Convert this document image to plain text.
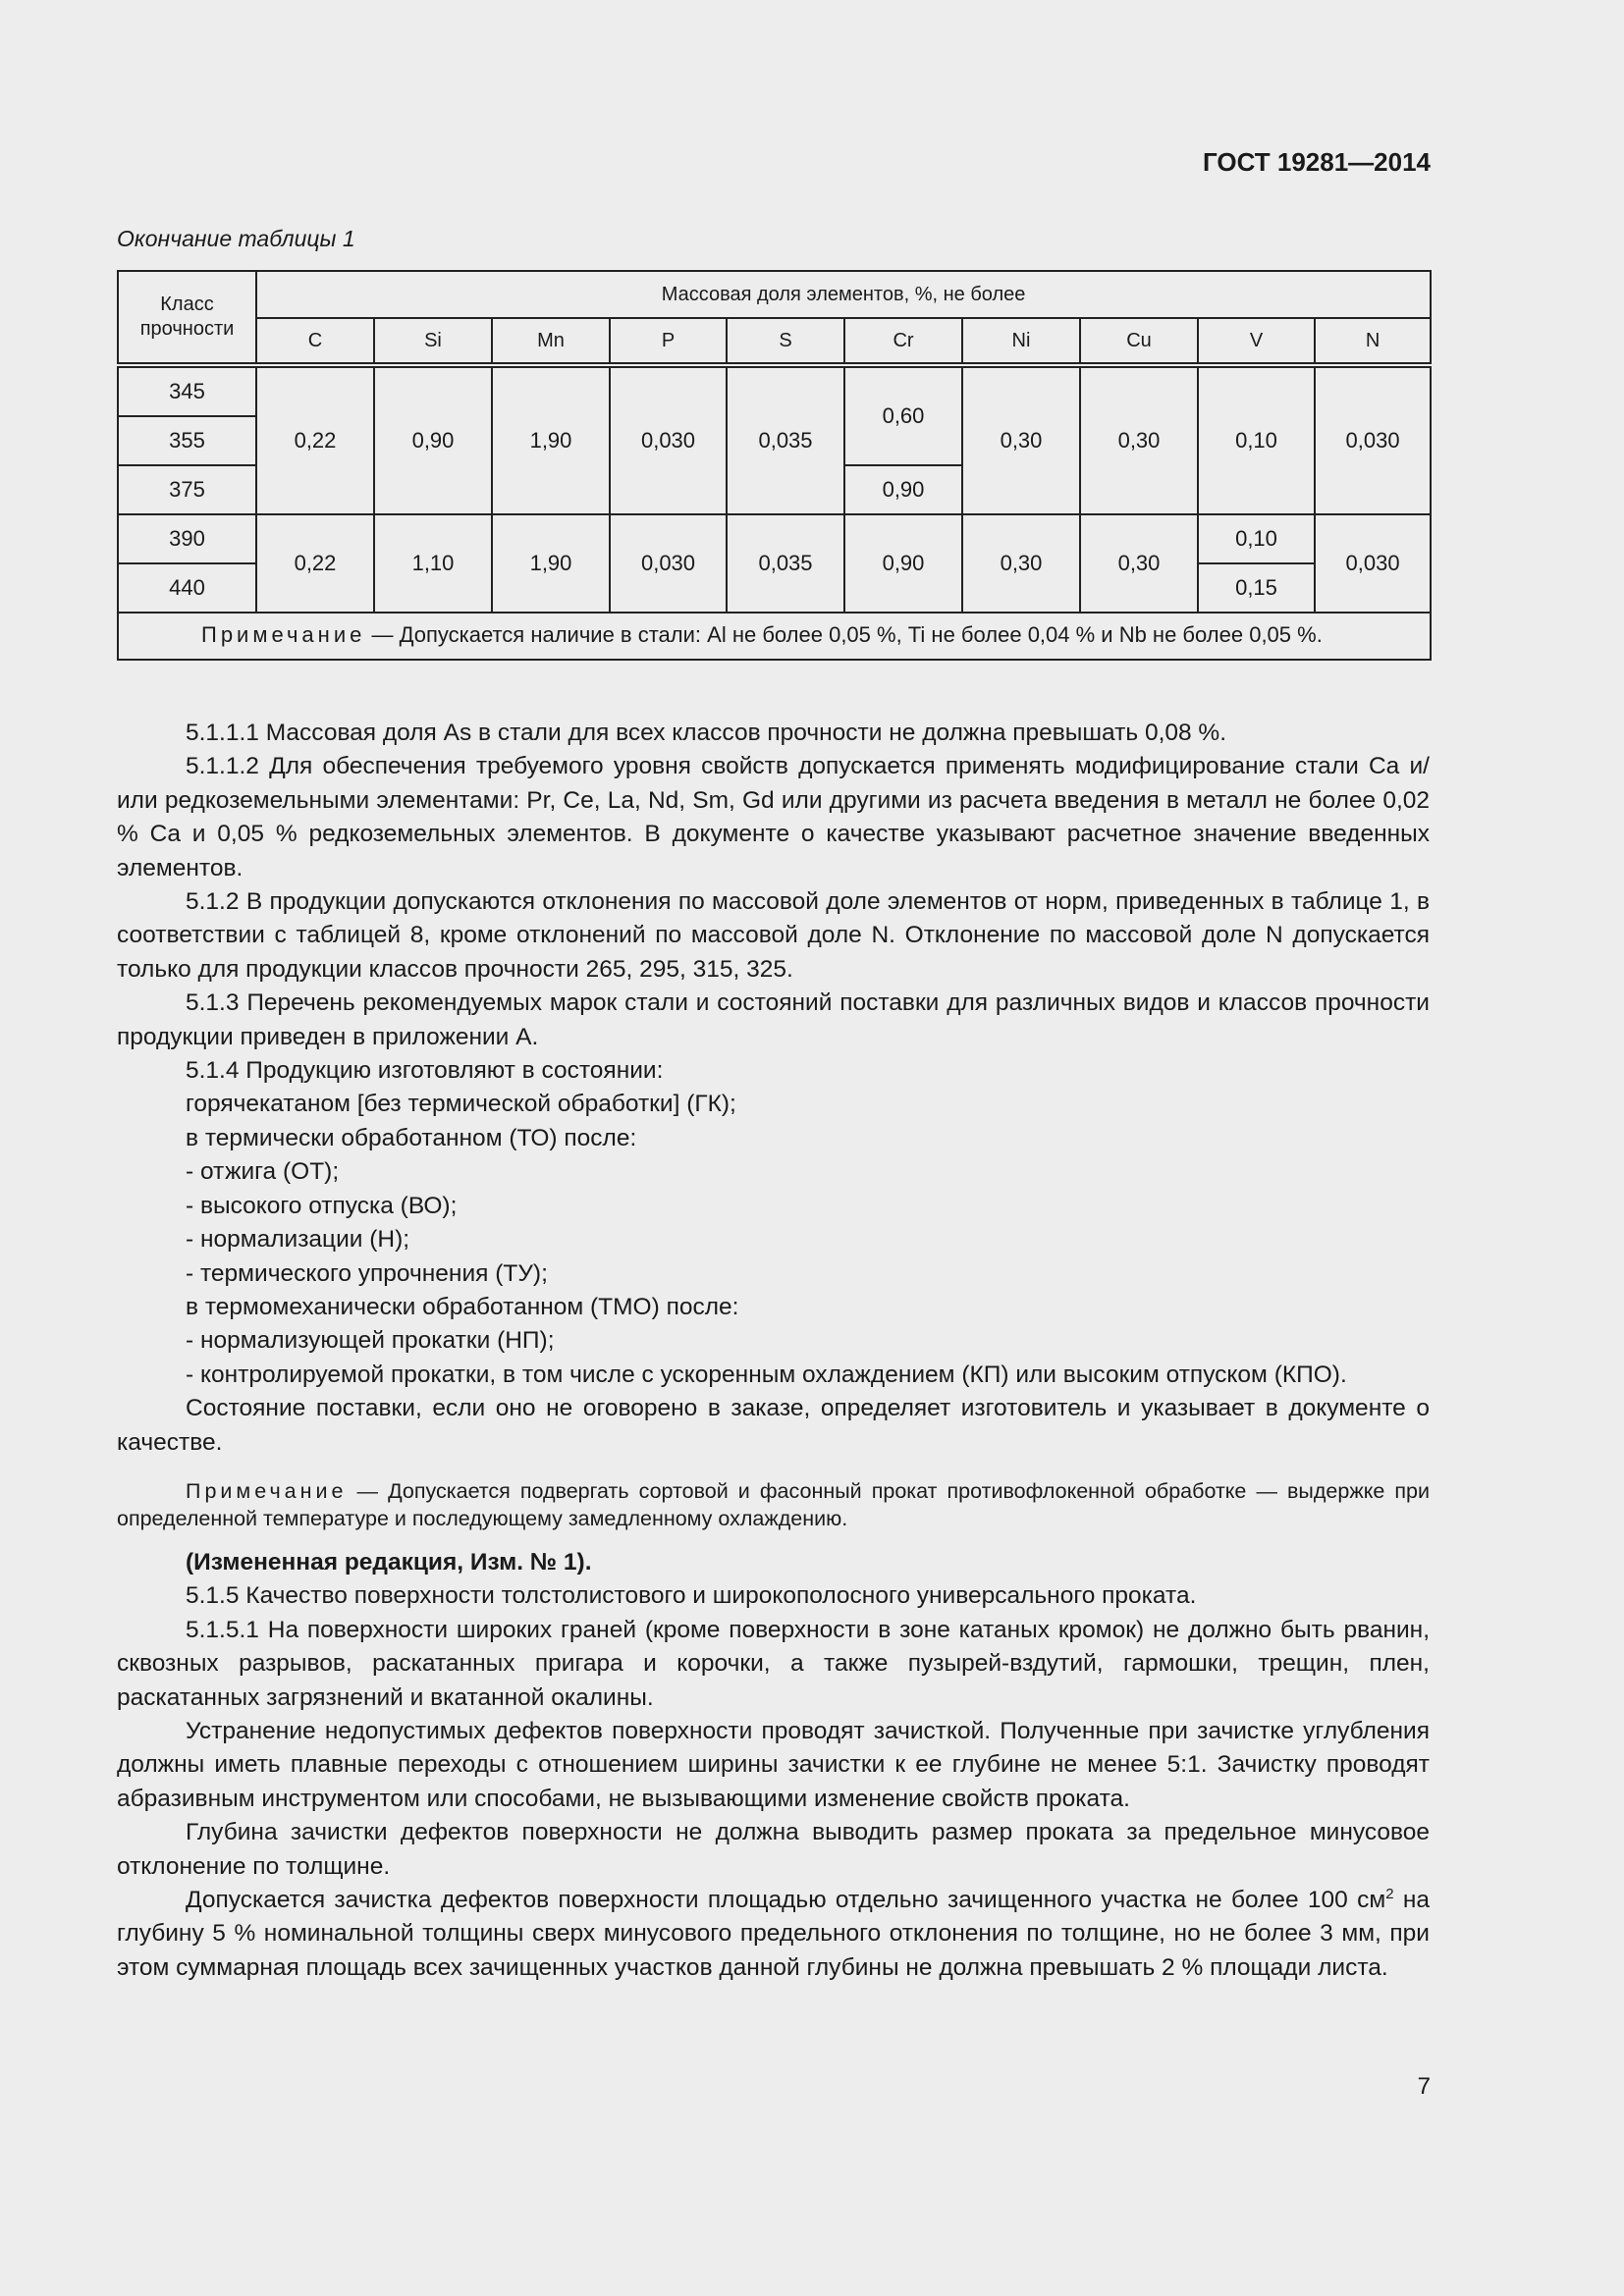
ГОСТ 19281—2014
Окончание таблицы 1
Класс прочности	Массовая доля элементов, %, не более									
	C	Si	Mn	P	S	Cr	Ni	Cu	V	N
345	0,22	0,90	1,90	0,030	0,035	0,60	0,30	0,30	0,10	0,030
355										
375						0,90				
390	0,22	1,10	1,90	0,030	0,035	0,90	0,30	0,30	0,10	0,030
440									0,15	
Примечание — Допускается наличие в стали: Al не более 0,05 %, Ti не более 0,04 % и Nb не более 0,05 %.										

5.1.1.1 Массовая доля As в стали для всех классов прочности не должна превышать 0,08 %.

5.1.1.2 Для обеспечения требуемого уровня свойств допускается применять модифицирование стали Ca и/или редкоземельными элементами: Pr, Ce, La, Nd, Sm, Gd или другими из расчета введения в металл не более 0,02 % Ca и 0,05 % редкоземельных элементов. В документе о качестве указывают расчетное значение введенных элементов.

5.1.2 В продукции допускаются отклонения по массовой доле элементов от норм, приведенных в таблице 1, в соответствии с таблицей 8, кроме отклонений по массовой доле N. Отклонение по массовой доле N допускается только для продукции классов прочности 265, 295, 315, 325.

5.1.3 Перечень рекомендуемых марок стали и состояний поставки для различных видов и классов прочности продукции приведен в приложении А.

5.1.4 Продукцию изготовляют в состоянии:

горячекатаном [без термической обработки] (ГК);

в термически обработанном (ТО) после:

- отжига (ОТ);

- высокого отпуска (ВО);

- нормализации (Н);

- термического упрочнения (ТУ);

в термомеханически обработанном (ТМО) после:

- нормализующей прокатки (НП);

- контролируемой прокатки, в том числе с ускоренным охлаждением (КП) или высоким отпуском (КПО).

Состояние поставки, если оно не оговорено в заказе, определяет изготовитель и указывает в документе о качестве.

Примечание — Допускается подвергать сортовой и фасонный прокат противофлокенной обработке — выдержке при определенной температуре и последующему замедленному охлаждению.

(Измененная редакция, Изм. № 1).

5.1.5 Качество поверхности толстолистового и широкополосного универсального проката.

5.1.5.1 На поверхности широких граней (кроме поверхности в зоне катаных кромок) не должно быть рванин, сквозных разрывов, раскатанных пригара и корочки, а также пузырей-вздутий, гармошки, трещин, плен, раскатанных загрязнений и вкатанной окалины.

Устранение недопустимых дефектов поверхности проводят зачисткой. Полученные при зачистке углубления должны иметь плавные переходы с отношением ширины зачистки к ее глубине не менее 5:1. Зачистку проводят абразивным инструментом или способами, не вызывающими изменение свойств проката.

Глубина зачистки дефектов поверхности не должна выводить размер проката за предельное минусовое отклонение по толщине.

Допускается зачистка дефектов поверхности площадью отдельно зачищенного участка не более 100 $см^2$ на глубину 5 % номинальной толщины сверх минусового предельного отклонения по толщине, но не более 3 мм, при этом суммарная площадь всех зачищенных участков данной глубины не должна превышать 2 % площади листа.

7
